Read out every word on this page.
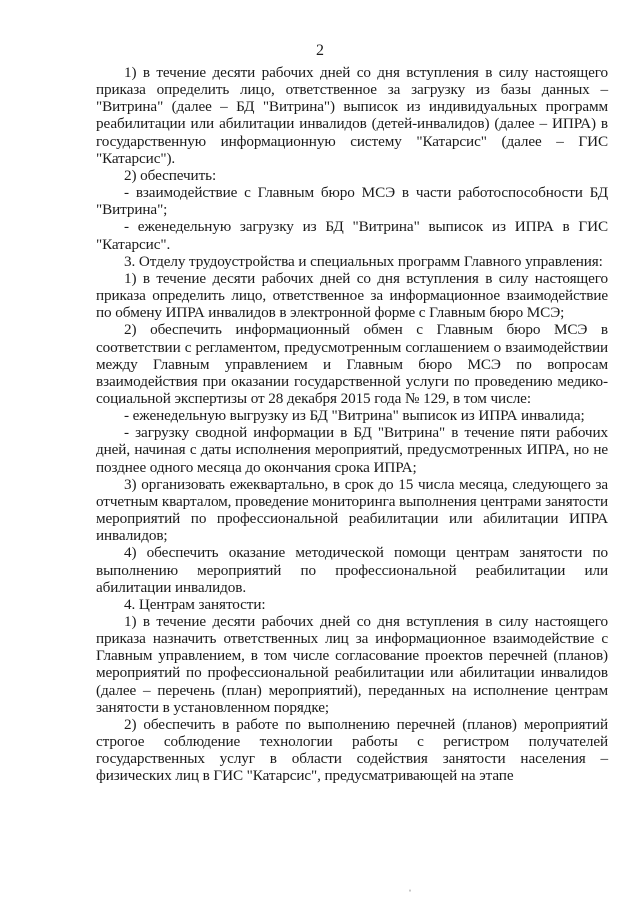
2

1) в течение десяти рабочих дней со дня вступления в силу настоящего приказа определить лицо, ответственное за загрузку из базы данных – "Витрина" (далее – БД "Витрина") выписок из индивидуальных программ реабилитации или абилитации инвалидов (детей-инвалидов) (далее – ИПРА) в государственную информационную систему "Катарсис" (далее – ГИС "Катарсис").

2) обеспечить:

- взаимодействие с Главным бюро МСЭ в части работоспособности БД "Витрина";

- еженедельную загрузку из БД "Витрина" выписок из ИПРА в ГИС "Катарсис".

3. Отделу трудоустройства и специальных программ Главного управления:

1) в течение десяти рабочих дней со дня вступления в силу настоящего приказа определить лицо, ответственное за информационное взаимодействие по обмену ИПРА инвалидов в электронной форме с Главным бюро МСЭ;

2) обеспечить информационный обмен с Главным бюро МСЭ в соответствии с регламентом, предусмотренным соглашением о взаимодействии между Главным управлением и Главным бюро МСЭ по вопросам взаимодействия при оказании государственной услуги по проведению медико-социальной экспертизы от 28 декабря 2015 года № 129, в том числе:

- еженедельную выгрузку из БД "Витрина" выписок из ИПРА инвалида;

- загрузку сводной информации в БД "Витрина" в течение пяти рабочих дней, начиная с даты исполнения мероприятий, предусмотренных ИПРА, но не позднее одного месяца до окончания срока ИПРА;

3) организовать ежеквартально, в срок до 15 числа месяца, следующего за отчетным кварталом, проведение мониторинга выполнения центрами занятости мероприятий по профессиональной реабилитации или абилитации ИПРА инвалидов;

4) обеспечить оказание методической помощи центрам занятости по выполнению мероприятий по профессиональной реабилитации или абилитации инвалидов.

4. Центрам занятости:

1) в течение десяти рабочих дней со дня вступления в силу настоящего приказа назначить ответственных лиц за информационное взаимодействие с Главным управлением, в том числе согласование проектов перечней (планов) мероприятий по профессиональной реабилитации или абилитации инвалидов (далее – перечень (план) мероприятий), переданных на исполнение центрам занятости в установленном порядке;

2) обеспечить в работе по выполнению перечней (планов) мероприятий строгое соблюдение технологии работы с регистром получателей государственных услуг в области содействия занятости населения – физических лиц в ГИС "Катарсис", предусматривающей на этапе

ˌ
